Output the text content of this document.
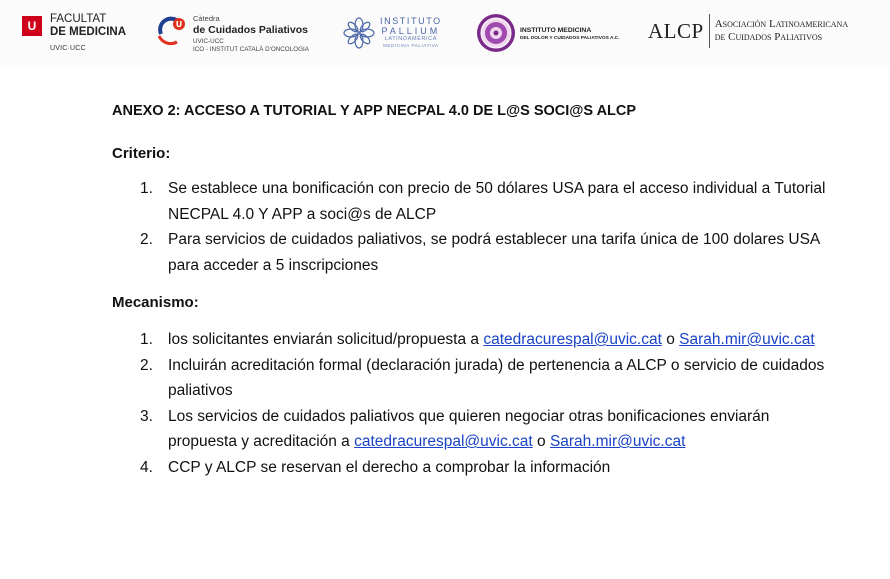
U	FACULTAT
DE MEDICINA
UVIC·UCC
U
Càtedra
de Cuidados Paliativos
UVIC-UCC
ICO - INSTITUT CATALÀ D'ONCOLOGIA
INSTITUTO
PALLIUM
LATINOAMÉRICA
MEDICINA PALIATIVA
INSTITUTO MEDICINA
DEL DOLOR Y CUIDADOS PALIATIVOS A.C. ALCP Asociación Latinoamericana
de Cuidados Paliativos
ANEXO 2: ACCESO A TUTORIAL Y APP NECPAL 4.0 DE L@S SOCI@S ALCP
Criterio:
1. Se establece una bonificación con precio de 50 dólares USA para el acceso individual a Tutorial NECPAL 4.0 Y APP a soci@s de ALCP
2. Para servicios de cuidados paliativos, se podrá establecer una tarifa única de 100 dolares USA para acceder a 5 inscripciones
Mecanismo:
1. los solicitantes enviarán solicitud/propuesta a catedracurespal@uvic.cat o Sarah.mir@uvic.cat
2. Incluirán acreditación formal (declaración jurada) de pertenencia a ALCP o servicio de cuidados paliativos
3. Los servicios de cuidados paliativos que quieren negociar otras bonificaciones enviarán propuesta y acreditación a catedracurespal@uvic.cat o Sarah.mir@uvic.cat
4. CCP y ALCP se reservan el derecho a comprobar la información
